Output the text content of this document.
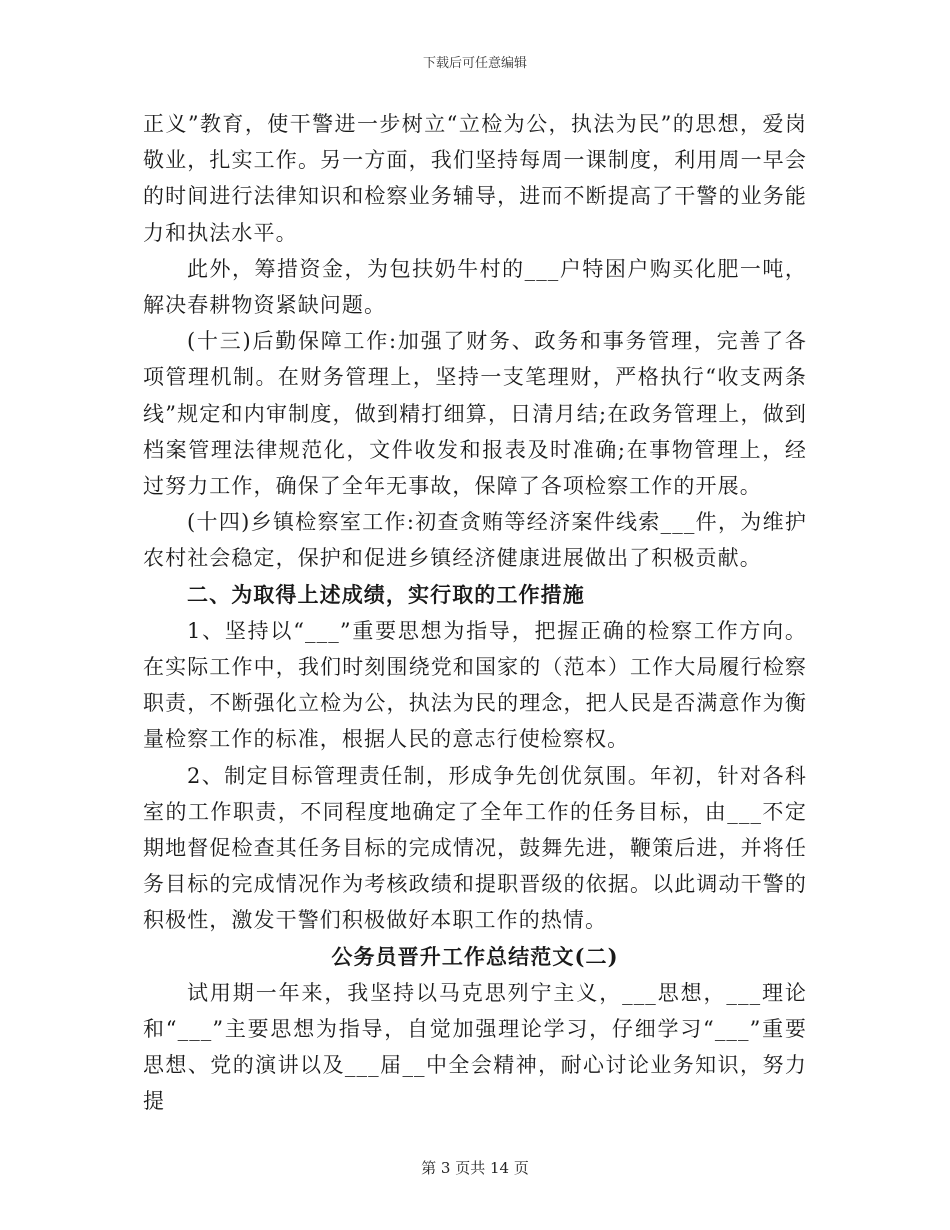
下载后可任意编辑

正义”教育，使干警进一步树立“立检为公，执法为民”的思想，爱岗敬业，扎实工作。另一方面，我们坚持每周一课制度，利用周一早会的时间进行法律知识和检察业务辅导，进而不断提高了干警的业务能力和执法水平。

此外，筹措资金，为包扶奶牛村的___户特困户购买化肥一吨，解决春耕物资紧缺问题。

(十三)后勤保障工作:加强了财务、政务和事务管理，完善了各项管理机制。在财务管理上，坚持一支笔理财，严格执行“收支两条线”规定和内审制度，做到精打细算，日清月结;在政务管理上，做到档案管理法律规范化，文件收发和报表及时准确;在事物管理上，经过努力工作，确保了全年无事故，保障了各项检察工作的开展。

(十四)乡镇检察室工作:初查贪贿等经济案件线索___件，为维护农村社会稳定，保护和促进乡镇经济健康进展做出了积极贡献。

二、为取得上述成绩，实行取的工作措施

1、坚持以“___”重要思想为指导，把握正确的检察工作方向。在实际工作中，我们时刻围绕党和国家的（范本）工作大局履行检察职责，不断强化立检为公，执法为民的理念，把人民是否满意作为衡量检察工作的标准，根据人民的意志行使检察权。

2、制定目标管理责任制，形成争先创优氛围。年初，针对各科室的工作职责，不同程度地确定了全年工作的任务目标，由___不定期地督促检查其任务目标的完成情况，鼓舞先进，鞭策后进，并将任务目标的完成情况作为考核政绩和提职晋级的依据。以此调动干警的积极性，激发干警们积极做好本职工作的热情。

公务员晋升工作总结范文(二)

试用期一年来，我坚持以马克思列宁主义，___思想，___理论和“___”主要思想为指导，自觉加强理论学习，仔细学习“___”重要思想、党的演讲以及___届__中全会精神，耐心讨论业务知识，努力提

第 3 页共 14 页
